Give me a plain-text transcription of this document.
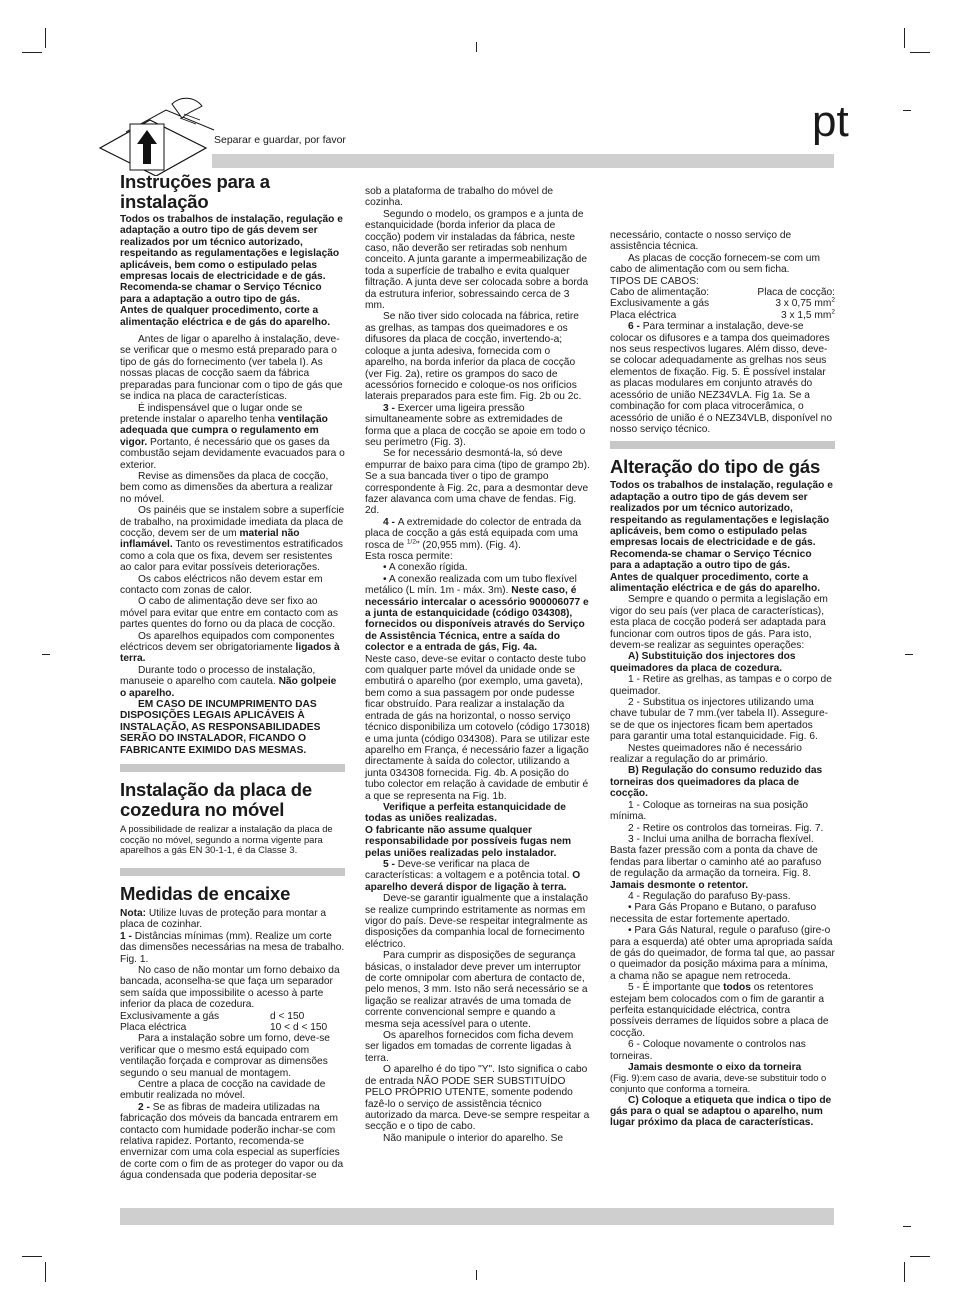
Separar e guardar, por favor	pt
Instruções para a instalação

Todos os trabalhos de instalação, regulação e adaptação a outro tipo de gás devem ser realizados por um técnico autorizado, respeitando as regulamentações e legislação aplicáveis, bem como o estipulado pelas empresas locais de electricidade e de gás.

Recomenda-se chamar o Serviço Técnico para a adaptação a outro tipo de gás.

Antes de qualquer procedimento, corte a alimentação eléctrica e de gás do aparelho.

Antes de ligar o aparelho à instalação, deve-se verificar que o mesmo está preparado para o tipo de gás do fornecimento (ver tabela I). As nossas placas de cocção saem da fábrica preparadas para funcionar com o tipo de gás que se indica na placa de características.

É indispensável que o lugar onde se pretende instalar o aparelho tenha ventilação adequada que cumpra o regulamento em vigor. Portanto, é necessário que os gases da combustão sejam devidamente evacuados para o exterior.

Revise as dimensões da placa de cocção, bem como as dimensões da abertura a realizar no móvel.

Os painéis que se instalem sobre a superfície de trabalho, na proximidade imediata da placa de cocção, devem ser de um material não inflamável. Tanto os revestimentos estratificados como a cola que os fixa, devem ser resistentes ao calor para evitar possíveis deteriorações.

Os cabos eléctricos não devem estar em contacto com zonas de calor.

O cabo de alimentação deve ser fixo ao móvel para evitar que entre em contacto com as partes quentes do forno ou da placa de cocção.

Os aparelhos equipados com componentes eléctricos devem ser obrigatoriamente ligados à terra.

Durante todo o processo de instalação, manuseie o aparelho com cautela. Não golpeie o aparelho.

EM CASO DE INCUMPRIMENTO DAS DISPOSIÇÕES LEGAIS APLICÁVEIS À INSTALAÇÃO, AS RESPONSABILIDADES SERÃO DO INSTALADOR, FICANDO O FABRICANTE EXIMIDO DAS MESMAS.

Instalação da placa de cozedura no móvel

A possibilidade de realizar a instalação da placa de cocção no móvel, segundo a norma vigente para aparelhos a gás EN 30-1-1, é da Classe 3.

Medidas de encaixe

Nota: Utilize luvas de proteção para montar a placa de cozinhar.

1 - Distâncias mínimas (mm). Realize um corte das dimensões necessárias na mesa de trabalho. Fig. 1.

No caso de não montar um forno debaixo da bancada, aconselha-se que faça um separador sem saída que impossibilite o acesso à parte inferior da placa de cozedura.

Exclusivamente a gás	d < 150
Placa eléctrica	10 < d < 150

Para a instalação sobre um forno, deve-se verificar que o mesmo está equipado com ventilação forçada e comprovar as dimensões segundo o seu manual de montagem.

Centre a placa de cocção na cavidade de embutir realizada no móvel.

2 - Se as fibras de madeira utilizadas na fabricação dos móveis da bancada entrarem em contacto com humidade poderão inchar-se com relativa rapidez. Portanto, recomenda-se envernizar com uma cola especial as superfícies de corte com o fim de as proteger do vapor ou da água condensada que poderia depositar-se

sob a plataforma de trabalho do móvel de cozinha.

Segundo o modelo, os grampos e a junta de estanquicidade (borda inferior da placa de cocção) podem vir instaladas da fábrica, neste caso, não deverão ser retiradas sob nenhum conceito. A junta garante a impermeabilização de toda a superfície de trabalho e evita qualquer filtração. A junta deve ser colocada sobre a borda da estrutura inferior, sobressaindo cerca de 3 mm.

Se não tiver sido colocada na fábrica, retire as grelhas, as tampas dos queimadores e os difusores da placa de cocção, invertendo-a; coloque a junta adesiva, fornecida com o aparelho, na borda inferior da placa de cocção (ver Fig. 2a), retire os grampos do saco de acessórios fornecido e coloque-os nos orifícios laterais preparados para este fim. Fig. 2b ou 2c.

3 - Exercer uma ligeira pressão simultaneamente sobre as extremidades de forma que a placa de cocção se apoie em todo o seu perímetro (Fig. 3).

Se for necessário desmontá-la, só deve empurrar de baixo para cima (tipo de grampo 2b).

Se a sua bancada tiver o tipo de grampo correspondente à Fig. 2c, para a desmontar deve fazer alavanca com uma chave de fendas. Fig. 2d.

4 - A extremidade do colector de entrada da placa de cocção a gás está equipada com uma rosca de $^{1/2}$" (20,955 mm). (Fig. 4).

Esta rosca permite:

• A conexão rígida.

• A conexão realizada com um tubo flexível metálico (L mín. 1m - máx. 3m). Neste caso, é necessário intercalar o acessório 900006077 e a junta de estanquicidade (código 034308), fornecidos ou disponíveis através do Serviço de Assistência Técnica, entre a saída do colector e a entrada de gás, Fig. 4a.

Neste caso, deve-se evitar o contacto deste tubo com qualquer parte móvel da unidade onde se embutirá o aparelho (por exemplo, uma gaveta), bem como a sua passagem por onde pudesse ficar obstruído. Para realizar a instalação da entrada de gás na horizontal, o nosso serviço técnico disponibiliza um cotovelo (código 173018) e uma junta (código 034308). Para se utilizar este aparelho em França, é necessário fazer a ligação directamente à saída do colector, utilizando a junta 034308 fornecida. Fig. 4b. A posição do tubo colector em relação à cavidade de embutir é a que se representa na Fig. 1b.

Verifique a perfeita estanquicidade de todas as uniões realizadas.

O fabricante não assume qualquer responsabilidade por possíveis fugas nem pelas uniões realizadas pelo instalador.

5 - Deve-se verificar na placa de características: a voltagem e a potência total. O aparelho deverá dispor de ligação à terra.

Deve-se garantir igualmente que a instalação se realize cumprindo estritamente as normas em vigor do país. Deve-se respeitar integralmente as disposições da companhia local de fornecimento eléctrico.

Para cumprir as disposições de segurança básicas, o instalador deve prever um interruptor de corte omnipolar com abertura de contacto de, pelo menos, 3 mm. Isto não será necessário se a ligação se realizar através de uma tomada de corrente convencional sempre e quando a mesma seja acessível para o utente.

Os aparelhos fornecidos com ficha devem ser ligados em tomadas de corrente ligadas à terra.

O aparelho é do tipo "Y". Isto significa o cabo de entrada NÃO PODE SER SUBSTITUÍDO PELO PRÓPRIO UTENTE, somente podendo fazê-lo o serviço de assistência técnico autorizado da marca. Deve-se sempre respeitar a secção e o tipo de cabo.

Não manipule o interior do aparelho. Se

necessário, contacte o nosso serviço de assistência técnica.

As placas de cocção fornecem-se com um cabo de alimentação com ou sem ficha.

TIPOS DE CABOS:

Cabo de alimentação:	Placa de cocção:
Exclusivamente a gás	3 x 0,75 $mm^2$
Placa eléctrica	3 x 1,5 $mm^2$

6 - Para terminar a instalação, deve-se colocar os difusores e a tampa dos queimadores nos seus respectivos lugares. Além disso, deve-se colocar adequadamente as grelhas nos seus elementos de fixação. Fig. 5. É possível instalar as placas modulares em conjunto através do acessório de união NEZ34VLA. Fig 1a. Se a combinação for com placa vitrocerâmica, o acessório de união é o NEZ34VLB, disponível no nosso serviço técnico.

Alteração do tipo de gás

Todos os trabalhos de instalação, regulação e adaptação a outro tipo de gás devem ser realizados por um técnico autorizado, respeitando as regulamentações e legislação aplicáveis, bem como o estipulado pelas empresas locais de electricidade e de gás.

Recomenda-se chamar o Serviço Técnico para a adaptação a outro tipo de gás.

Antes de qualquer procedimento, corte a alimentação eléctrica e de gás do aparelho.

Sempre e quando o permita a legislação em vigor do seu país (ver placa de características), esta placa de cocção poderá ser adaptada para funcionar com outros tipos de gás. Para isto, devem-se realizar as seguintes operações:

A) Substituição dos injectores dos queimadores da placa de cozedura.

1 - Retire as grelhas, as tampas e o corpo de queimador.

2 - Substitua os injectores utilizando uma chave tubular de 7 mm.(ver tabela II). Assegure-se de que os injectores ficam bem apertados para garantir uma total estanquicidade. Fig. 6.

Nestes queimadores não é necessário realizar a regulação do ar primário.

B) Regulação do consumo reduzido das torneiras dos queimadores da placa de cocção.

1 - Coloque as torneiras na sua posição mínima.

2 - Retire os controlos das torneiras. Fig. 7.

3 - Inclui uma anilha de borracha flexível. Basta fazer pressão com a ponta da chave de fendas para libertar o caminho até ao parafuso de regulação da armação da torneira. Fig. 8.

Jamais desmonte o retentor.

4 - Regulação do parafuso By-pass.

• Para Gás Propano e Butano, o parafuso necessita de estar fortemente apertado.

• Para Gás Natural, regule o parafuso (gire-o para a esquerda) até obter uma apropriada saída de gás do queimador, de forma tal que, ao passar o queimador da posição máxima para a mínima, a chama não se apague nem retroceda.

5 - É importante que todos os retentores estejam bem colocados com o fim de garantir a perfeita estanquicidade eléctrica, contra possíveis derrames de líquidos sobre a placa de cocção.

6 - Coloque novamente o controlos nas torneiras.

Jamais desmonte o eixo da torneira

(Fig. 9):em caso de avaria, deve-se substituir todo o conjunto que conforma a torneira.

C) Coloque a etiqueta que indica o tipo de gás para o qual se adaptou o aparelho, num lugar próximo da placa de características.
